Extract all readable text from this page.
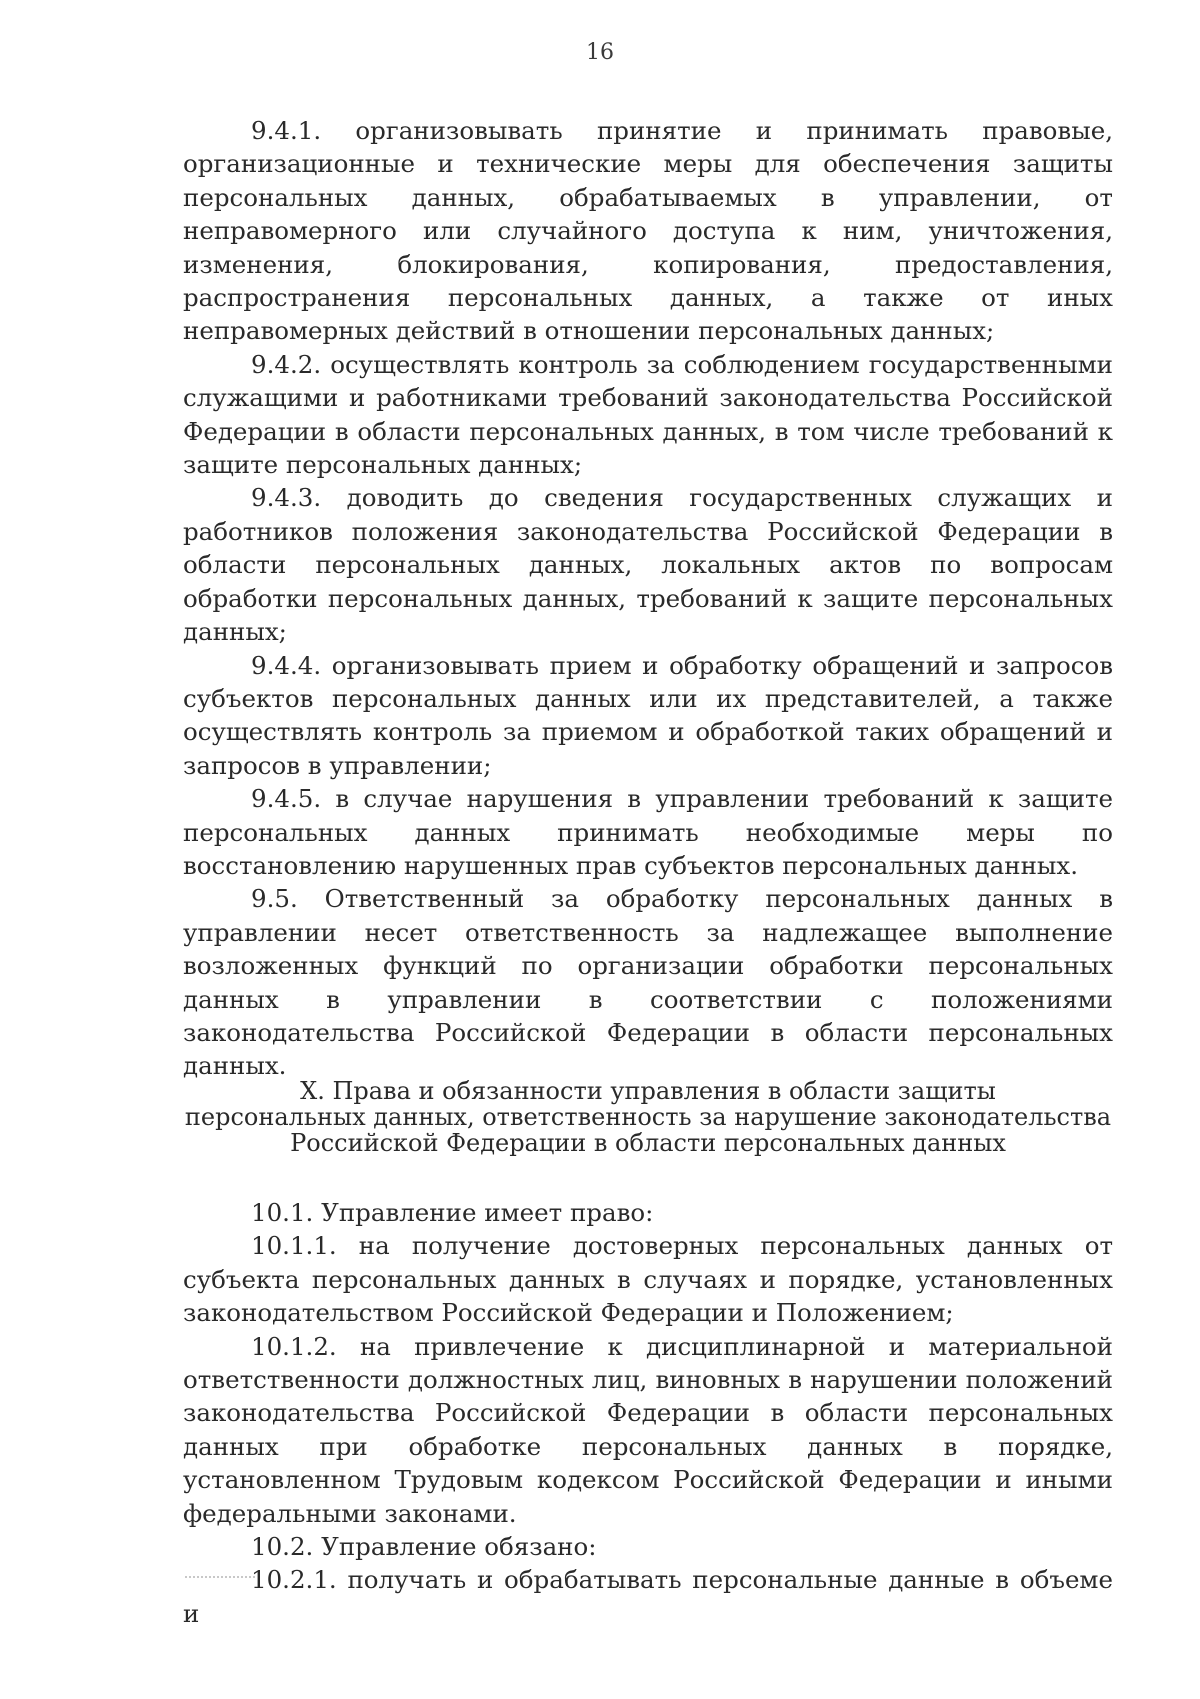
16

9.4.1. организовывать принятие и принимать правовые, организационные и технические меры для обеспечения защиты персональных данных, обрабатываемых в управлении, от неправомерного или случайного доступа к ним, уничтожения, изменения, блокирования, копирования, предоставления, распространения персональных данных, а также от иных неправомерных действий в отношении персональных данных;

9.4.2. осуществлять контроль за соблюдением государственными служащими и работниками требований законодательства Российской Федерации в области персональных данных, в том числе требований к защите персональных данных;

9.4.3. доводить до сведения государственных служащих и работников положения законодательства Российской Федерации в области персональных данных, локальных актов по вопросам обработки персональных данных, требований к защите персональных данных;

9.4.4. организовывать прием и обработку обращений и запросов субъектов персональных данных или их представителей, а также осуществлять контроль за приемом и обработкой таких обращений и запросов в управлении;

9.4.5. в случае нарушения в управлении требований к защите персональных данных принимать необходимые меры по восстановлению нарушенных прав субъектов персональных данных.

9.5. Ответственный за обработку персональных данных в управлении несет ответственность за надлежащее выполнение возложенных функций по организации обработки персональных данных в управлении в соответствии с положениями законодательства Российской Федерации в области персональных данных.

X. Права и обязанности управления в области защиты

персональных данных, ответственность за нарушение законодательства

Российской Федерации в области персональных данных

10.1. Управление имеет право:

10.1.1. на получение достоверных персональных данных от субъекта персональных данных в случаях и порядке, установленных законодательством Российской Федерации и Положением;

10.1.2. на привлечение к дисциплинарной и материальной ответственности должностных лиц, виновных в нарушении положений законодательства Российской Федерации в области персональных данных при обработке персональных данных в порядке, установленном Трудовым кодексом Российской Федерации и иными федеральными законами.

10.2. Управление обязано:

10.2.1. получать и обрабатывать персональные данные в объеме и
